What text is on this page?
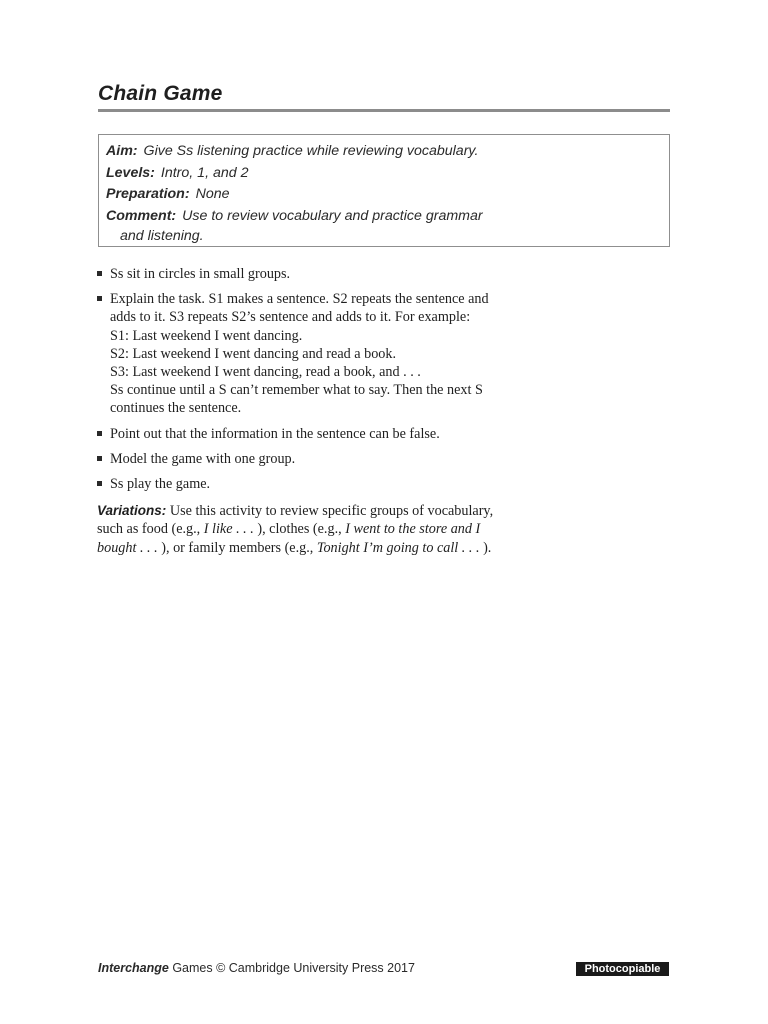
Chain Game

Aim: Give Ss listening practice while reviewing vocabulary.

Levels: Intro, 1, and 2

Preparation: None

Comment: Use to review vocabulary and practice grammar

and listening.

Ss sit in circles in small groups.
Explain the task. S1 makes a sentence. S2 repeats the sentence and
adds to it. S3 repeats S2’s sentence and adds to it. For example:
S1: Last weekend I went dancing.
S2: Last weekend I went dancing and read a book.
S3: Last weekend I went dancing, read a book, and . . .
Ss continue until a S can’t remember what to say. Then the next S
continues the sentence.
Point out that the information in the sentence can be false.
Model the game with one group.
Ss play the game.
Variations: Use this activity to review specific groups of vocabulary,
such as food (e.g., I like . . . ), clothes (e.g., I went to the store and I
bought . . . ), or family members (e.g., Tonight I’m going to call . . . ).
Interchange Games © Cambridge University Press 2017	Photocopiable
